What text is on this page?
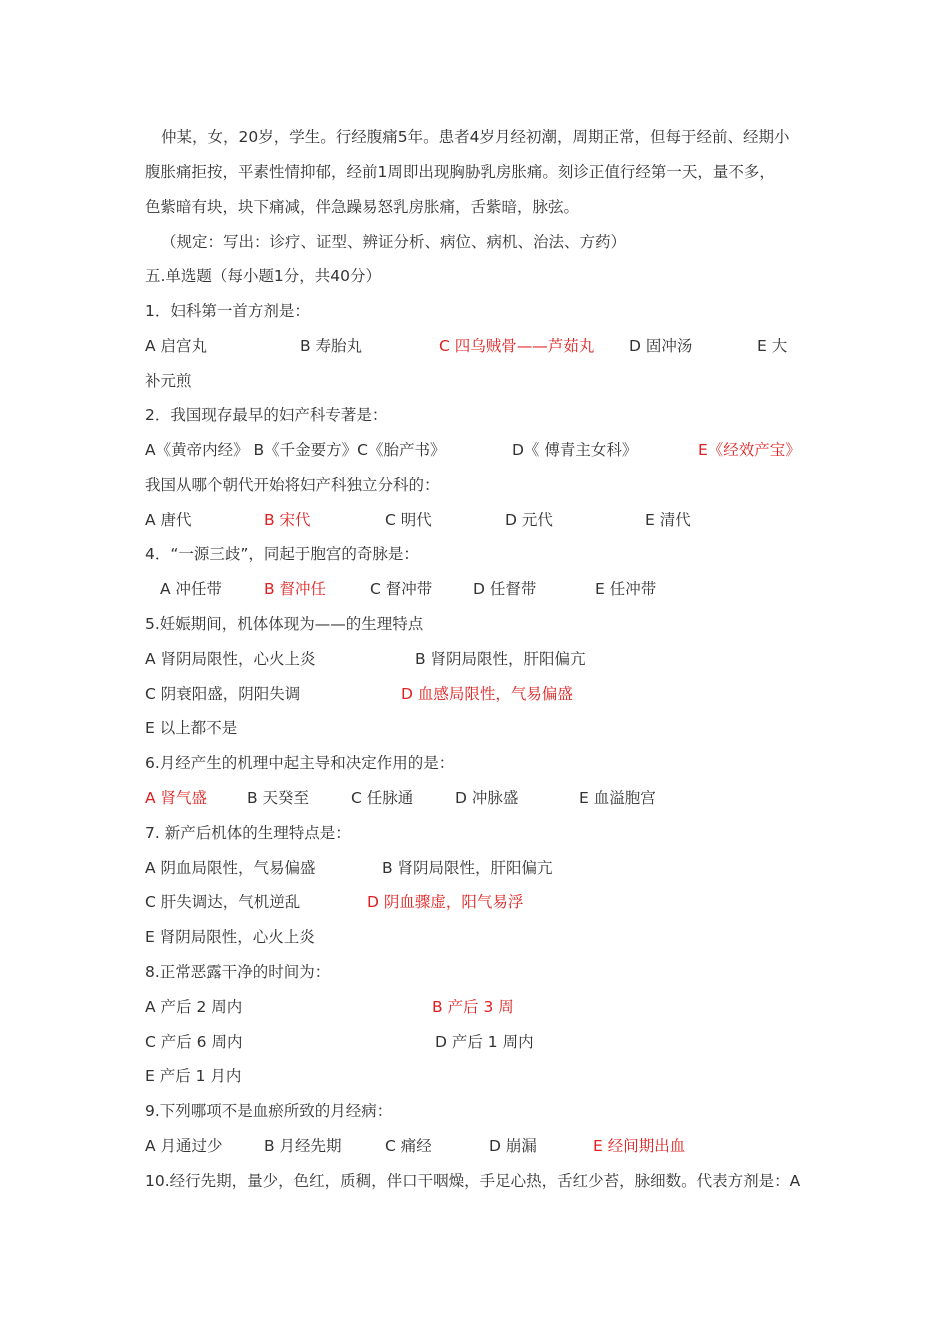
仲某，女，20岁，学生。行经腹痛5年。患者4岁月经初潮，周期正常，但每于经前、经期小
腹胀痛拒按，平素性情抑郁，经前1周即出现胸胁乳房胀痛。刻诊正值行经第一天，量不多，
色紫暗有块，块下痛减，伴急躁易怒乳房胀痛，舌紫暗，脉弦。
（规定：写出：诊疗、证型、辨证分析、病位、病机、治法、方药）
五.单选题（每小题1分，共40分）
1．妇科第一首方剂是：
A 启宫丸	B 寿胎丸	C 四乌贼骨——芦茹丸 D 固冲汤	E 大
补元煎
2．我国现存最早的妇产科专著是：
A《黄帝内经》 B《千金要方》C《胎产书》	D《 傅青主女科》	E《经效产宝》
我国从哪个朝代开始将妇产科独立分科的：
A 唐代	B 宋代	C 明代	D 元代	E 清代
4．“一源三歧”，同起于胞宫的奇脉是：
A 冲任带	B 督冲任	C 督冲带	D 任督带	E 任冲带
5.妊娠期间，机体体现为——的生理特点
A 肾阴局限性，心火上炎	B 肾阴局限性，肝阳偏亢
C 阴衰阳盛，阴阳失调	D 血感局限性，气易偏盛
E 以上都不是
6.月经产生的机理中起主导和决定作用的是：
A 肾气盛	B 天癸至	C 任脉通	D 冲脉盛	E 血溢胞宫
7. 新产后机体的生理特点是：
A 阴血局限性，气易偏盛	B 肾阴局限性，肝阳偏亢
C 肝失调达，气机逆乱	D 阴血骤虚，阳气易浮
E 肾阴局限性，心火上炎
8.正常恶露干净的时间为：
A 产后 2 周内	B 产后 3 周
C 产后 6 周内	D 产后 1 周内
E 产后 1 月内
9.下列哪项不是血瘀所致的月经病：
A 月通过少	B 月经先期	C 痛经	D 崩漏	E 经间期出血
10.经行先期，量少，色红，质稠，伴口干咽燥，手足心热，舌红少苔，脉细数。代表方剂是：A
